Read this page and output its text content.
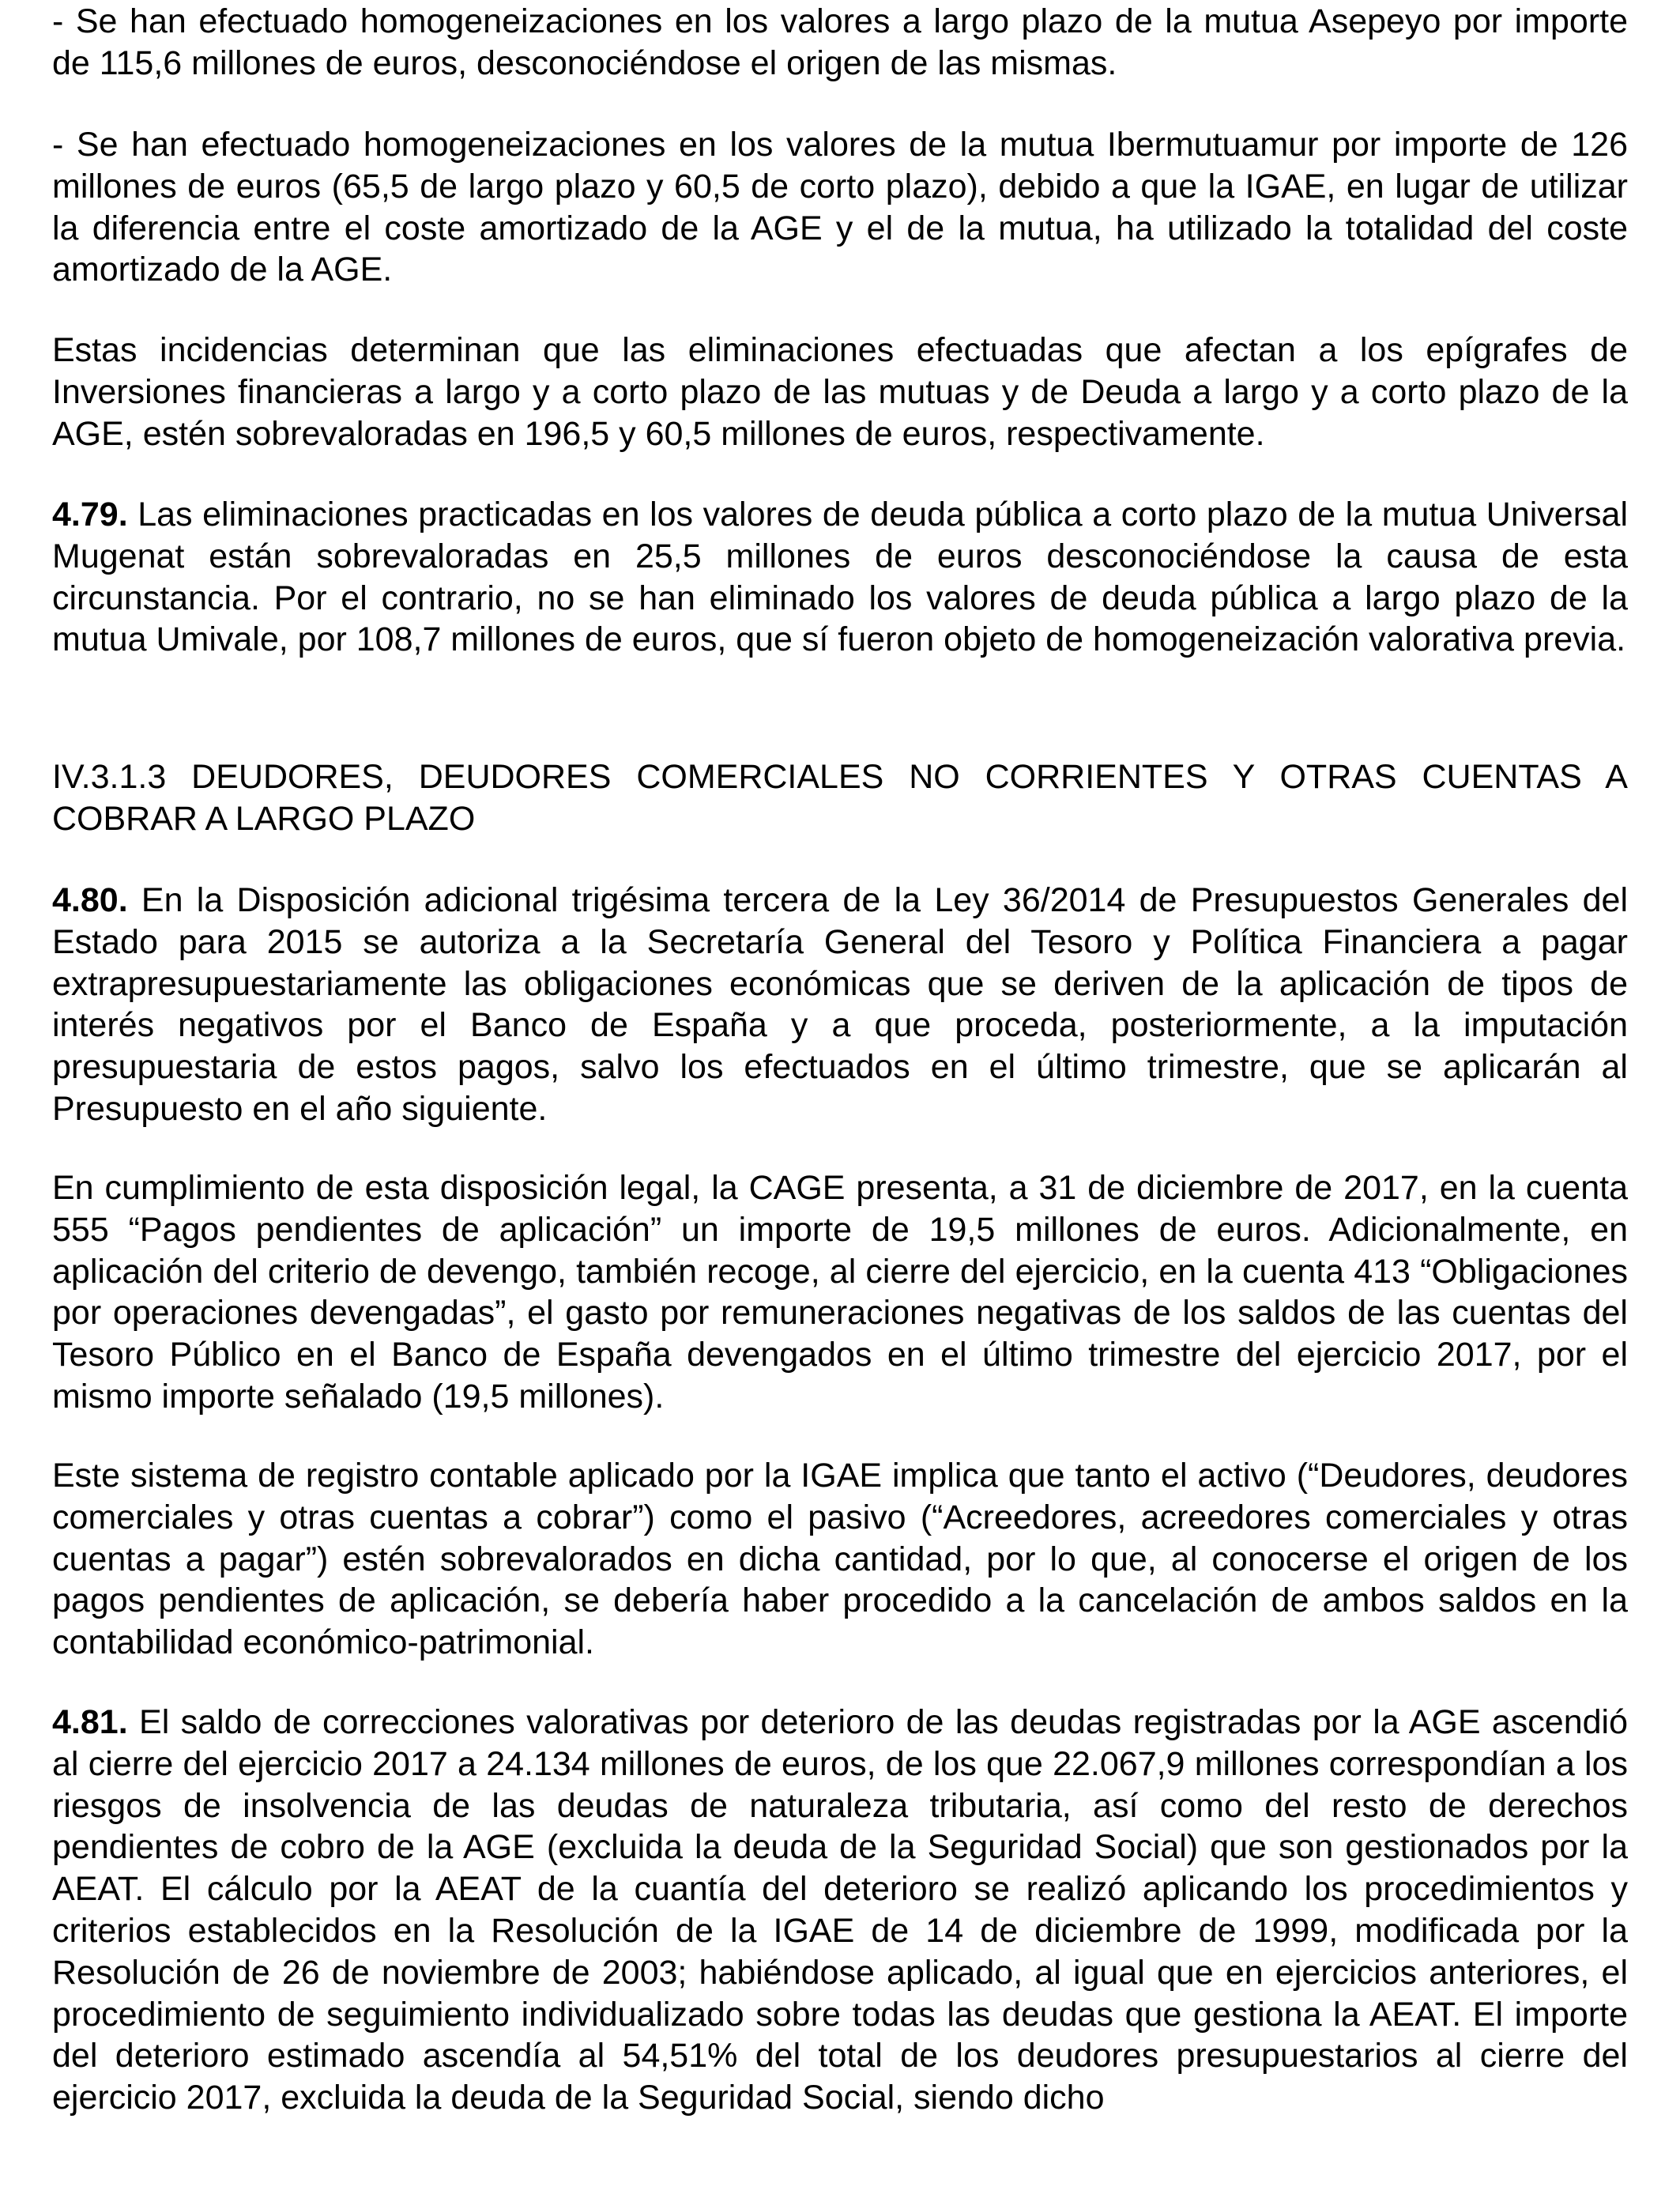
- Se han efectuado homogeneizaciones en los valores a largo plazo de la mutua Asepeyo por importe de 115,6 millones de euros, desconociéndose el origen de las mismas.

- Se han efectuado homogeneizaciones en los valores de la mutua Ibermutuamur por importe de 126 millones de euros (65,5 de largo plazo y 60,5 de corto plazo), debido a que la IGAE, en lugar de utilizar la diferencia entre el coste amortizado de la AGE y el de la mutua, ha utilizado la totalidad del coste amortizado de la AGE.

Estas incidencias determinan que las eliminaciones efectuadas que afectan a los epígrafes de Inversiones financieras a largo y a corto plazo de las mutuas y de Deuda a largo y a corto plazo de la AGE, estén sobrevaloradas en 196,5 y 60,5 millones de euros, respectivamente.

4.79. Las eliminaciones practicadas en los valores de deuda pública a corto plazo de la mutua Universal Mugenat están sobrevaloradas en 25,5 millones de euros desconociéndose la causa de esta circunstancia. Por el contrario, no se han eliminado los valores de deuda pública a largo plazo de la mutua Umivale, por 108,7 millones de euros, que sí fueron objeto de homogeneización valorativa previa.

IV.3.1.3 DEUDORES, DEUDORES COMERCIALES NO CORRIENTES Y OTRAS CUENTAS A COBRAR A LARGO PLAZO

4.80. En la Disposición adicional trigésima tercera de la Ley 36/2014 de Presupuestos Generales del Estado para 2015 se autoriza a la Secretaría General del Tesoro y Política Financiera a pagar extrapresupuestariamente las obligaciones económicas que se deriven de la aplicación de tipos de interés negativos por el Banco de España y a que proceda, posteriormente, a la imputación presupuestaria de estos pagos, salvo los efectuados en el último trimestre, que se aplicarán al Presupuesto en el año siguiente.

En cumplimiento de esta disposición legal, la CAGE presenta, a 31 de diciembre de 2017, en la cuenta 555 “Pagos pendientes de aplicación” un importe de 19,5 millones de euros. Adicionalmente, en aplicación del criterio de devengo, también recoge, al cierre del ejercicio, en la cuenta 413 “Obligaciones por operaciones devengadas”, el gasto por remuneraciones negativas de los saldos de las cuentas del Tesoro Público en el Banco de España devengados en el último trimestre del ejercicio 2017, por el mismo importe señalado (19,5 millones).

Este sistema de registro contable aplicado por la IGAE implica que tanto el activo (“Deudores, deudores comerciales y otras cuentas a cobrar”) como el pasivo (“Acreedores, acreedores comerciales y otras cuentas a pagar”) estén sobrevalorados en dicha cantidad, por lo que, al conocerse el origen de los pagos pendientes de aplicación, se debería haber procedido a la cancelación de ambos saldos en la contabilidad económico-patrimonial.

4.81. El saldo de correcciones valorativas por deterioro de las deudas registradas por la AGE ascendió al cierre del ejercicio 2017 a 24.134 millones de euros, de los que 22.067,9 millones correspondían a los riesgos de insolvencia de las deudas de naturaleza tributaria, así como del resto de derechos pendientes de cobro de la AGE (excluida la deuda de la Seguridad Social) que son gestionados por la AEAT. El cálculo por la AEAT de la cuantía del deterioro se realizó aplicando los procedimientos y criterios establecidos en la Resolución de la IGAE de 14 de diciembre de 1999, modificada por la Resolución de 26 de noviembre de 2003; habiéndose aplicado, al igual que en ejercicios anteriores, el procedimiento de seguimiento individualizado sobre todas las deudas que gestiona la AEAT. El importe del deterioro estimado ascendía al 54,51% del total de los deudores presupuestarios al cierre del ejercicio 2017, excluida la deuda de la Seguridad Social, siendo dicho
